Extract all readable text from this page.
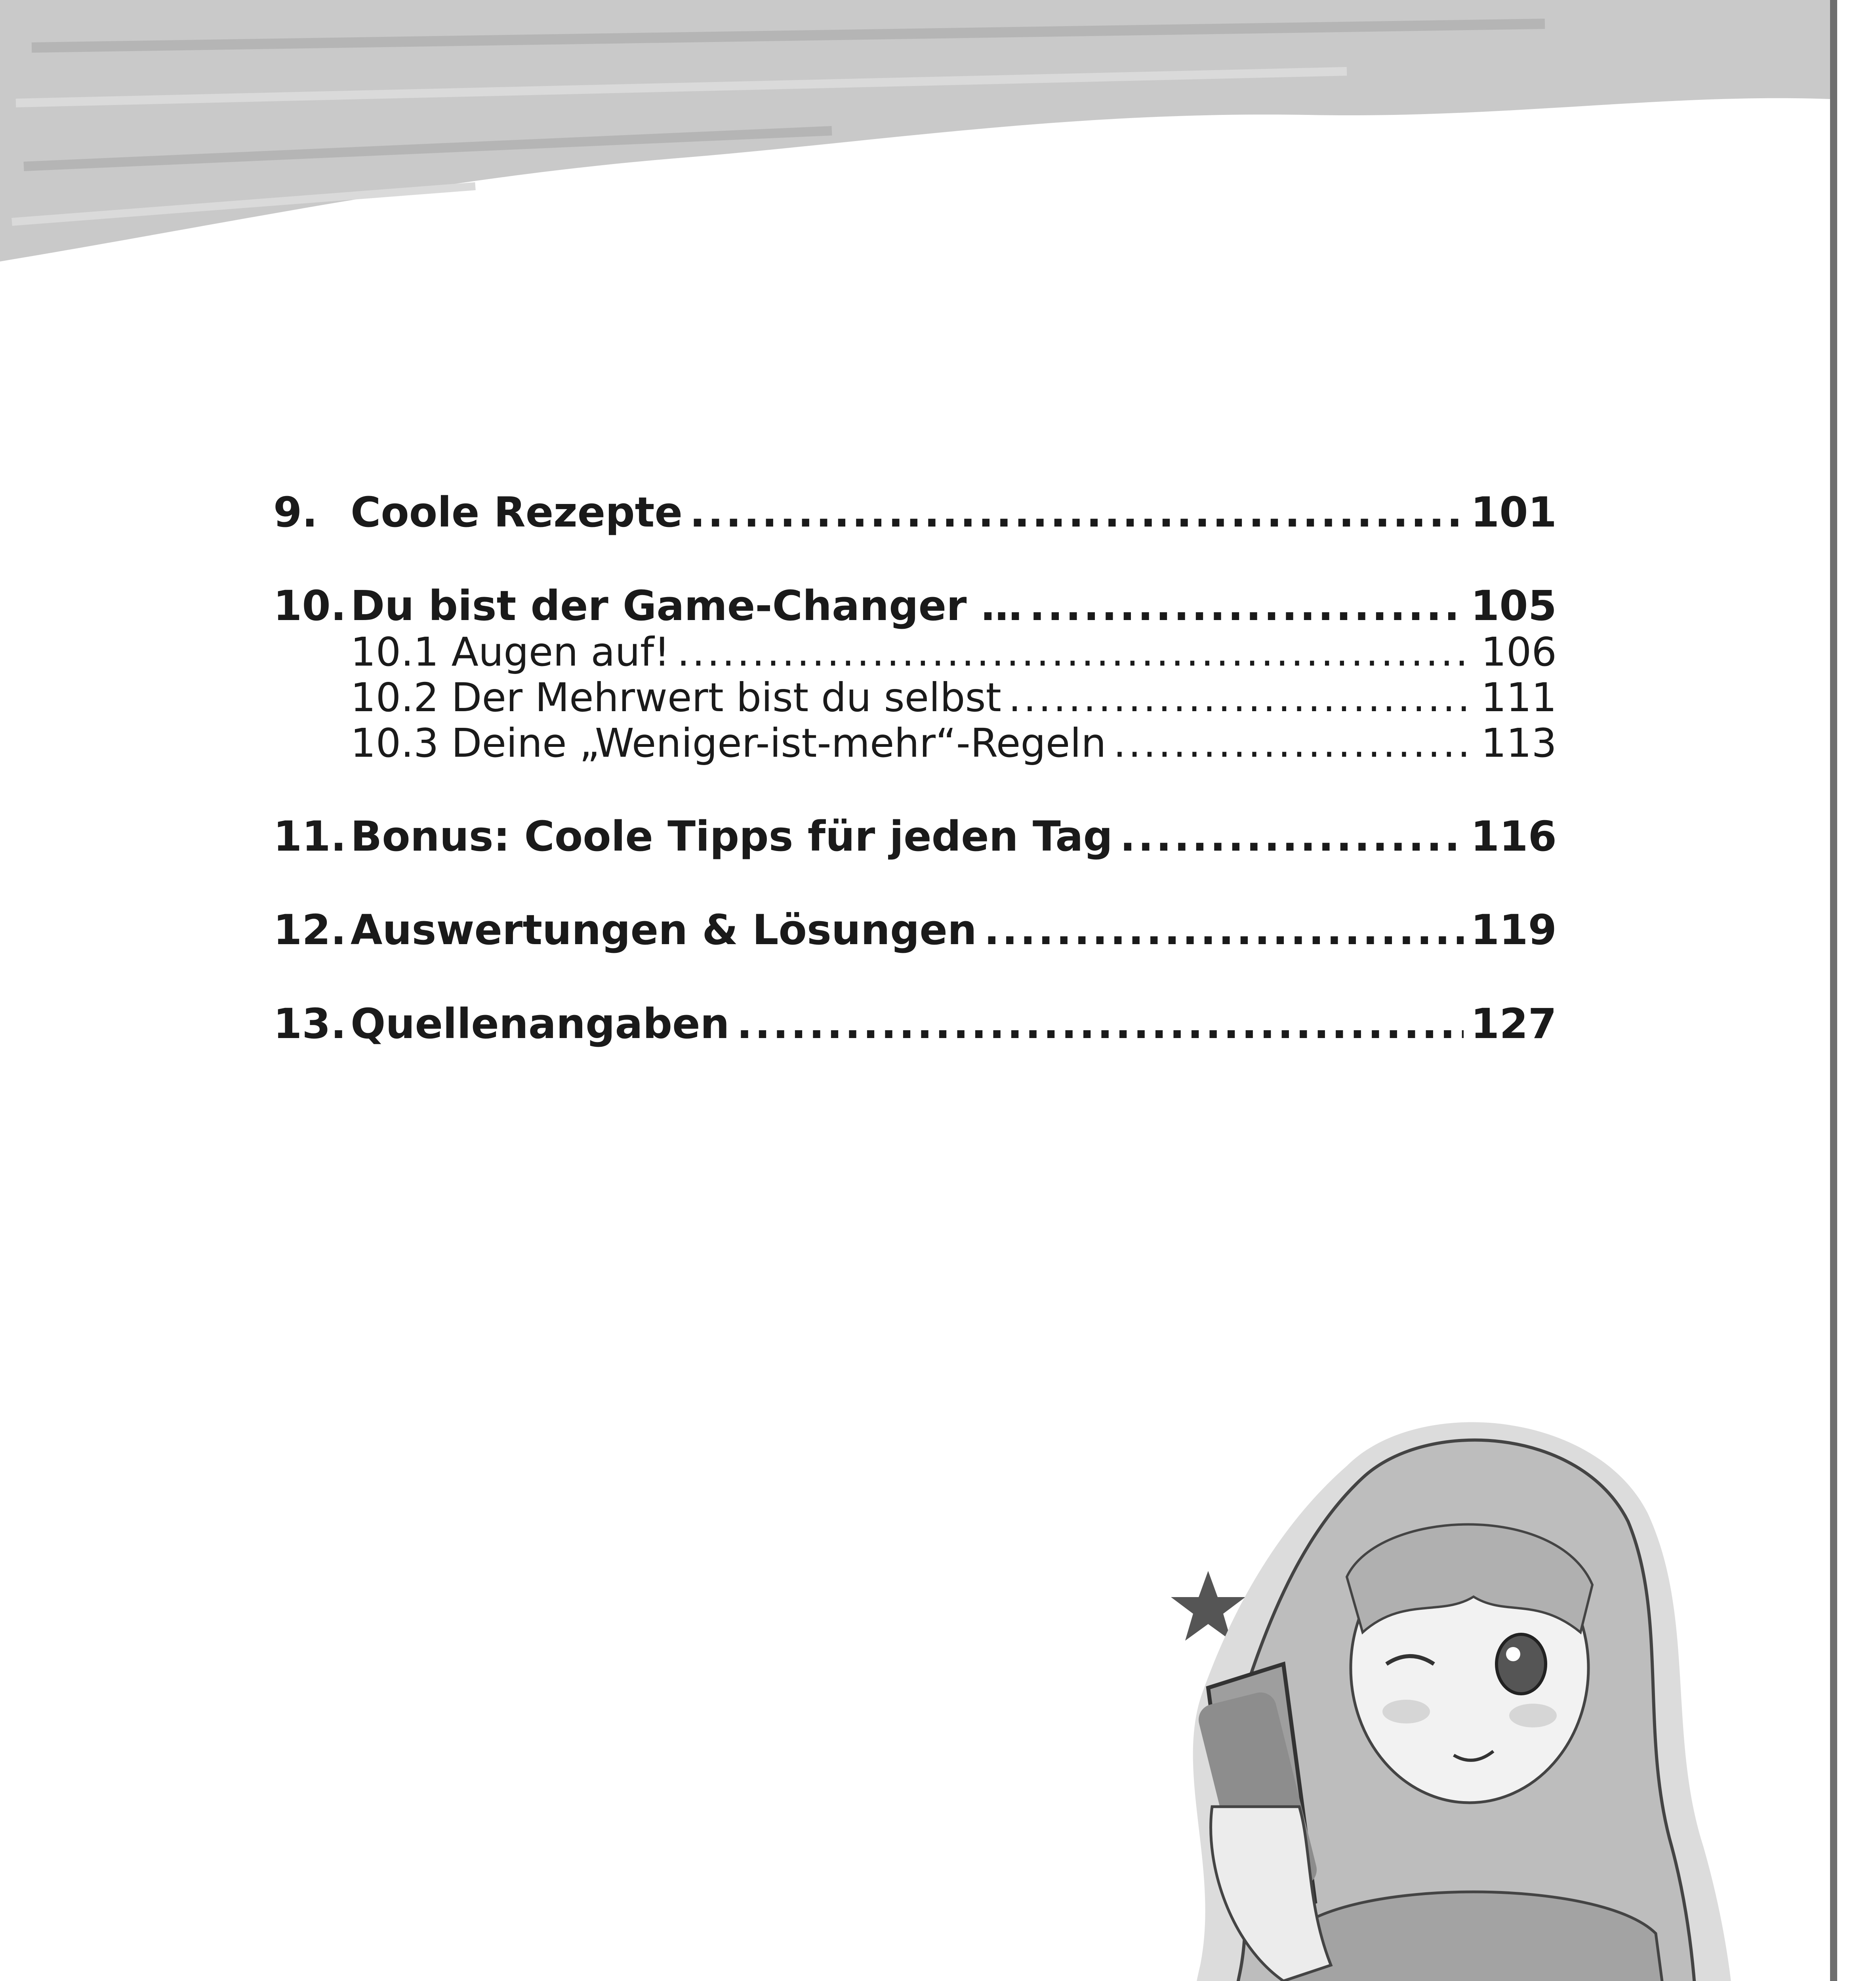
9. Coole Rezepte .....	101
10. Du bist der Game-Changer … .....	105
10.1 Augen auf! .....	106
10.2 Der Mehrwert bist du selbst .....	111
10.3 Deine „Weniger-ist-mehr“-Regeln .....	113
11. Bonus: Coole Tipps für jeden Tag .....	116
12. Auswertungen & Lösungen .....	119
13. Quellenangaben .....	127
